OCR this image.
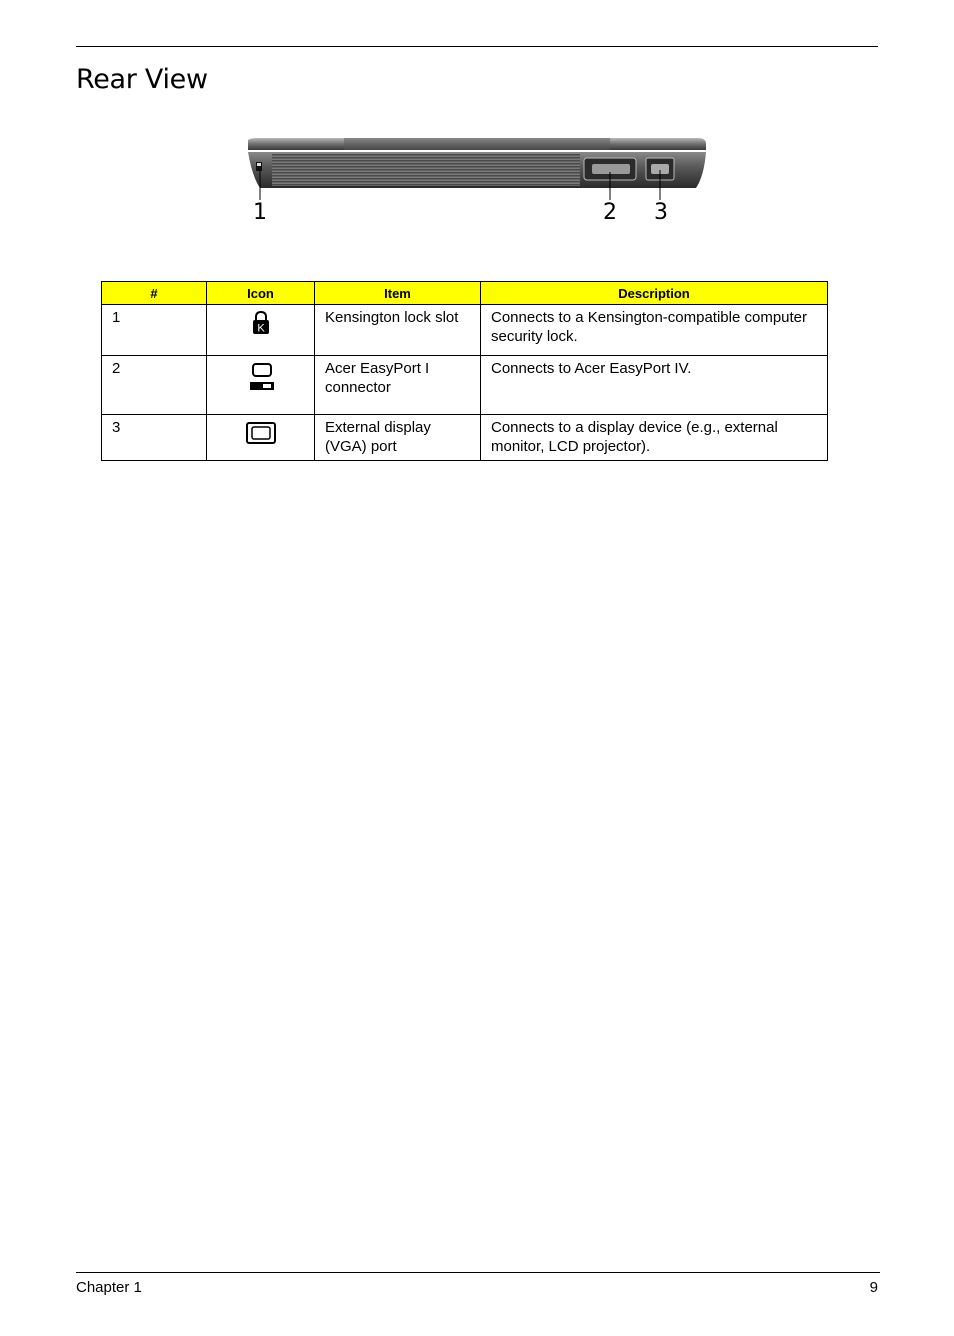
Rear View
1	2 3
#	Icon	Item	Description
1	K	Kensington lock slot	Connects to a Kensington-compatible computer security lock.
2		Acer EasyPort I connector	Connects to Acer EasyPort IV.
3		External display (VGA) port	Connects to a display device (e.g., external monitor, LCD projector).
Chapter 1	9
